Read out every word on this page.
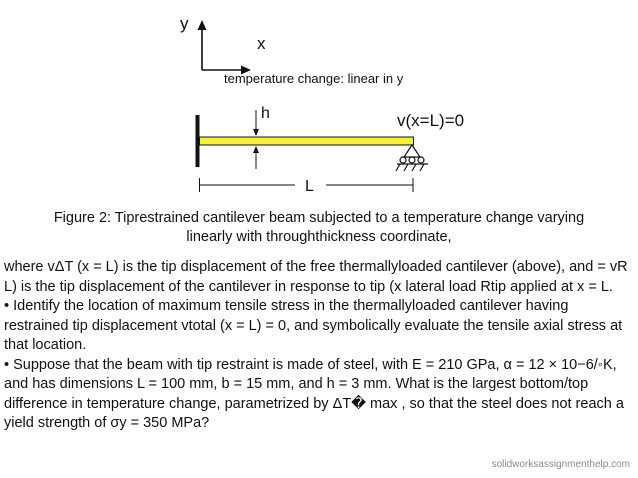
y
x
temperature change: linear in y
h	v(x=L)=0
L
Figure 2: Tiprestrained cantilever beam subjected to a temperature change varying
linearly with throughthickness coordinate,

where vΔT (x = L) is the tip displacement of the free thermallyloaded cantilever (above), and = vR L) is the tip displacement of the cantilever in response to tip (x lateral load Rtip applied at x = L.

• Identify the location of maximum tensile stress in the thermallyloaded cantilever having restrained tip displacement vtotal (x = L) = 0, and symbolically evaluate the tensile axial stress at that location.

• Suppose that the beam with tip restraint is made of steel, with E = 210 GPa, α = 12 × 10−6/◦K, and has dimensions L = 100 mm, b = 15 mm, and h = 3 mm. What is the largest bottom/top difference in temperature change, parametrized by ΔT� max , so that the steel does not reach a yield strength of σy = 350 MPa?

solidworksassignmenthelp.com
